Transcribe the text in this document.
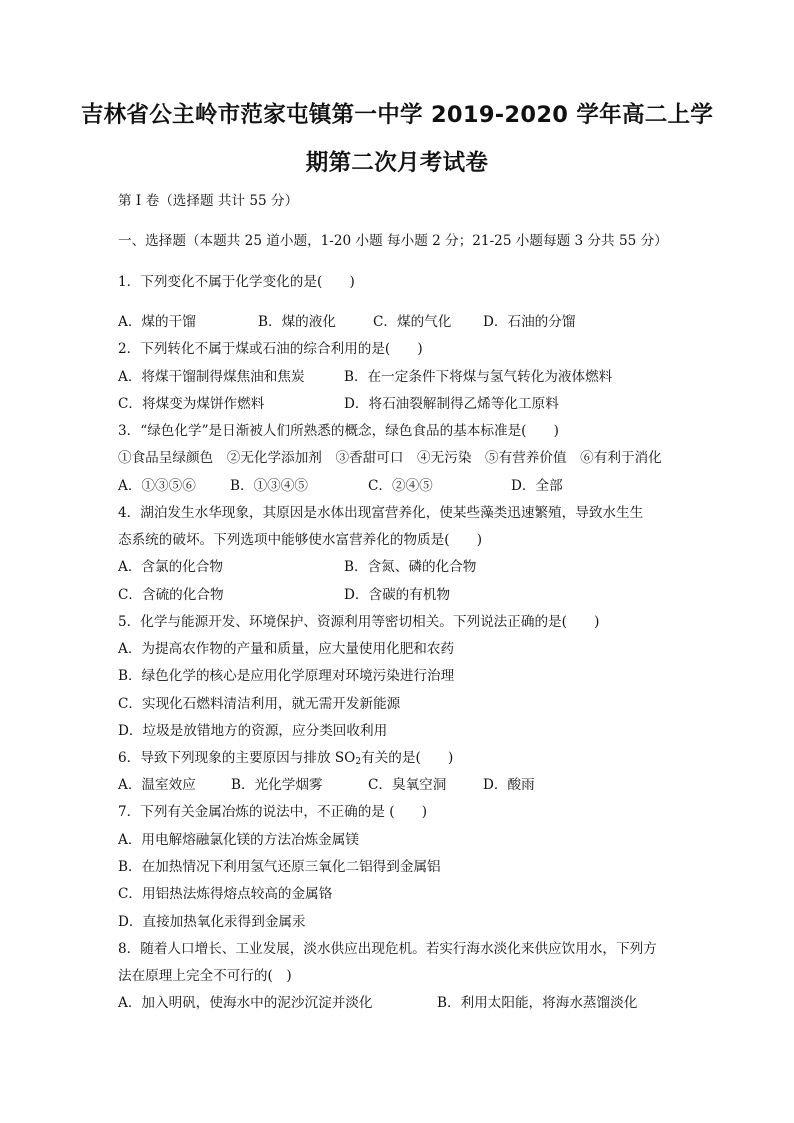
吉林省公主岭市范家屯镇第一中学 2019-2020 学年高二上学
期第二次月考试卷
第 I 卷（选择题 共计 55 分）
一、选择题（本题共 25 道小题，1-20 小题 每小题 2 分；21-25 小题每题 3 分共 55 分）
1．下列变化不属于化学变化的是(　　)
A．煤的干馏	B．煤的液化	C．煤的气化 D．石油的分馏
2．下列转化不属于煤或石油的综合利用的是(　　)
A．将煤干馏制得煤焦油和焦炭	B．在一定条件下将煤与氢气转化为液体燃料
C．将煤变为煤饼作燃料	D．将石油裂解制得乙烯等化工原料
3．“绿色化学”是日渐被人们所熟悉的概念，绿色食品的基本标准是(　　)
①食品呈绿颜色　②无化学添加剂　③香甜可口　④无污染　⑤有营养价值　⑥有利于消化
A．①③⑤⑥	B．①③④⑤	C．②④⑤	D．全部
4．湖泊发生水华现象，其原因是水体出现富营养化，使某些藻类迅速繁殖，导致水生生
态系统的破坏。下列选项中能够使水富营养化的物质是(　　)
A．含氯的化合物	B．含氮、磷的化合物
C．含硫的化合物	D．含碳的有机物
5．化学与能源开发、环境保护、资源利用等密切相关。下列说法正确的是(　　)
A．为提高农作物的产量和质量，应大量使用化肥和农药
B．绿色化学的核心是应用化学原理对环境污染进行治理
C．实现化石燃料清洁利用，就无需开发新能源
D．垃圾是放错地方的资源，应分类回收利用
6．导致下列现象的主要原因与排放 $SO_2$有关的是(　　)
A．温室效应	B．光化学烟雾	C．臭氧空洞	D．酸雨
7．下列有关金属冶炼的说法中，不正确的是 (　　)
A．用电解熔融氯化镁的方法冶炼金属镁
B．在加热情况下利用氢气还原三氧化二铝得到金属铝
C．用铝热法炼得熔点较高的金属铬
D．直接加热氧化汞得到金属汞
8．随着人口增长、工业发展，淡水供应出现危机。若实行海水淡化来供应饮用水，下列方
法在原理上完全不可行的(　)
A．加入明矾，使海水中的泥沙沉淀并淡化	B．利用太阳能，将海水蒸馏淡化
